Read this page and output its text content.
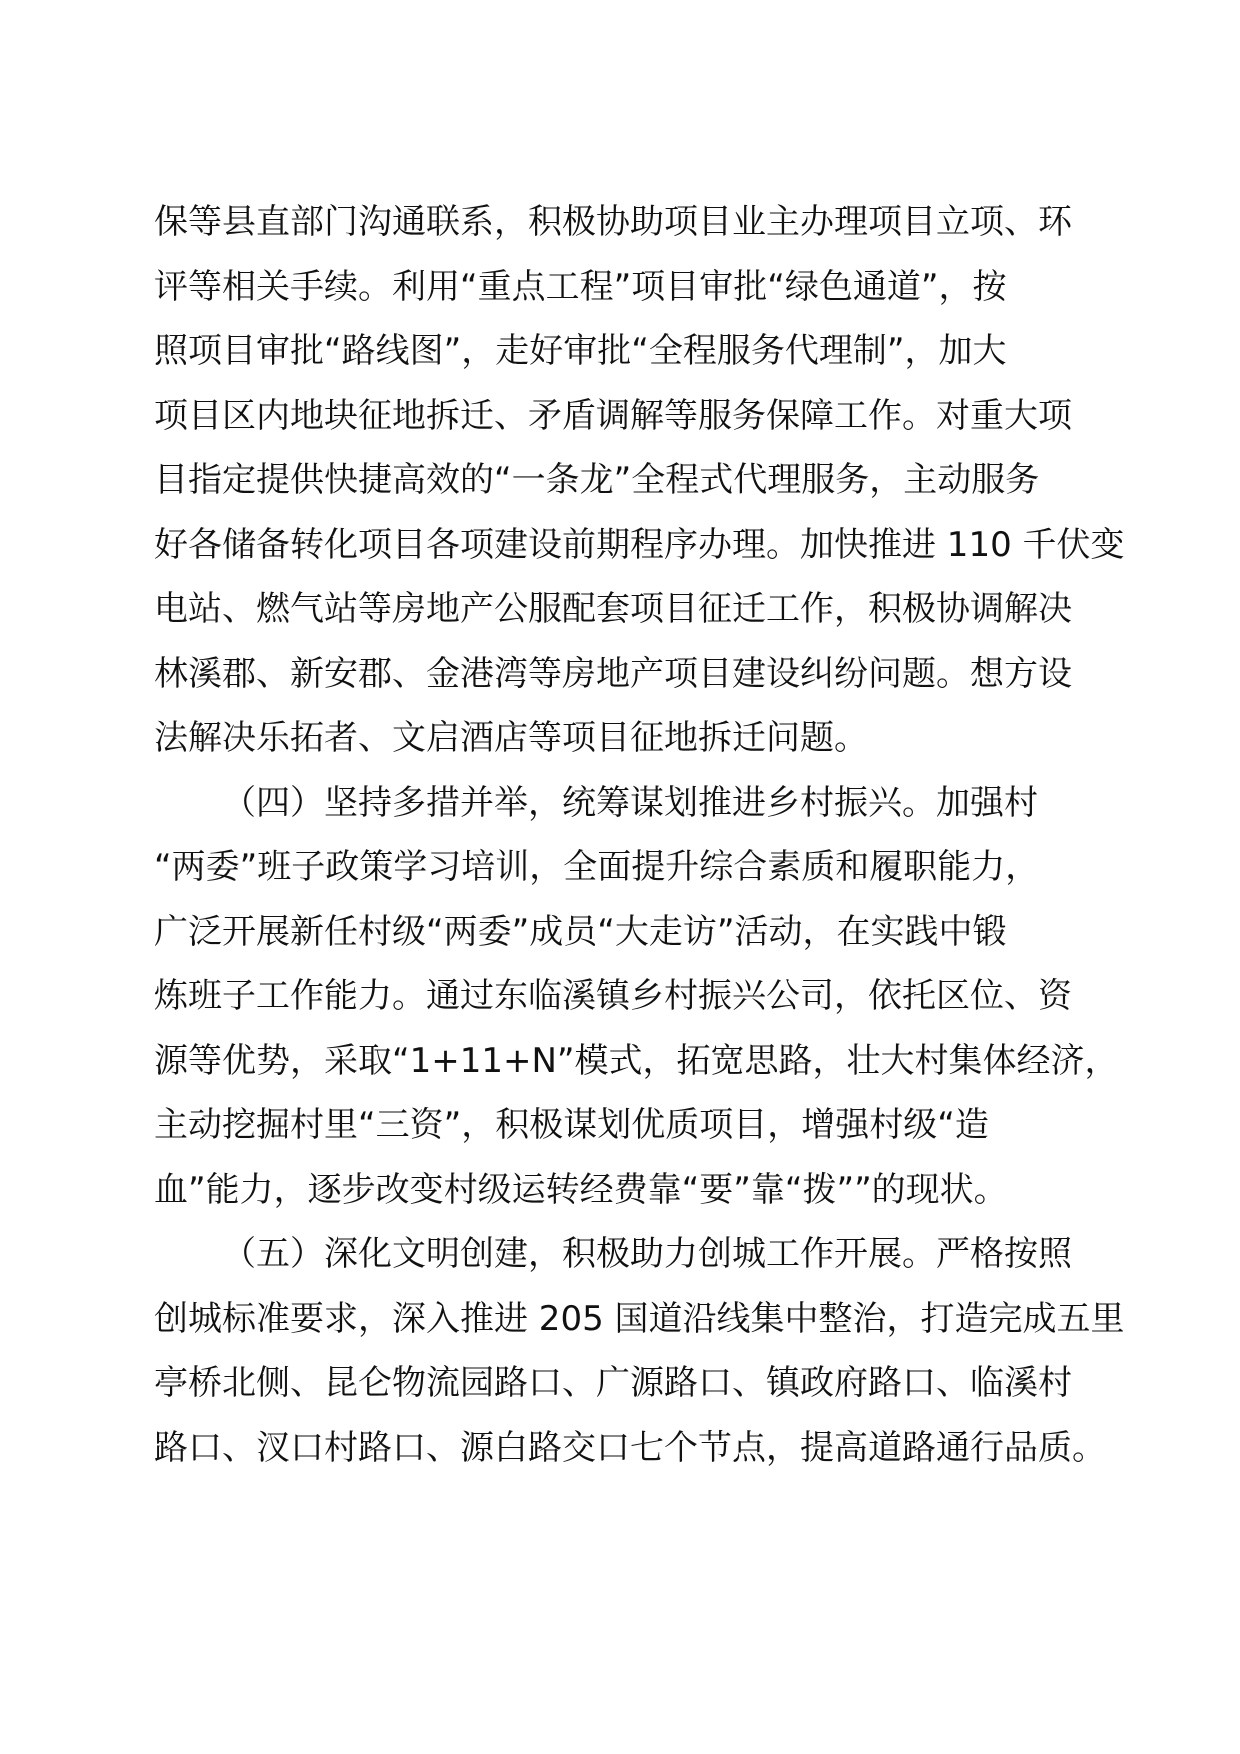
保等县直部门沟通联系，积极协助项目业主办理项目立项、环
评等相关手续。利用“重点工程”项目审批“绿色通道”，按
照项目审批“路线图”，走好审批“全程服务代理制”，加大
项目区内地块征地拆迁、矛盾调解等服务保障工作。对重大项
目指定提供快捷高效的“一条龙”全程式代理服务，主动服务
好各储备转化项目各项建设前期程序办理。加快推进 110 千伏变
电站、燃气站等房地产公服配套项目征迁工作，积极协调解决
林溪郡、新安郡、金港湾等房地产项目建设纠纷问题。想方设
法解决乐拓者、文启酒店等项目征地拆迁问题。
（四）坚持多措并举，统筹谋划推进乡村振兴。加强村
“两委”班子政策学习培训，全面提升综合素质和履职能力，
广泛开展新任村级“两委”成员“大走访”活动，在实践中锻
炼班子工作能力。通过东临溪镇乡村振兴公司，依托区位、资
源等优势，采取“1+11+N”模式，拓宽思路，壮大村集体经济，
主动挖掘村里“三资”，积极谋划优质项目，增强村级“造
血”能力，逐步改变村级运转经费靠“要”靠“拨””的现状。
（五）深化文明创建，积极助力创城工作开展。严格按照
创城标准要求，深入推进 205 国道沿线集中整治，打造完成五里
亭桥北侧、昆仑物流园路口、广源路口、镇政府路口、临溪村
路口、汊口村路口、源白路交口七个节点，提高道路通行品质。
